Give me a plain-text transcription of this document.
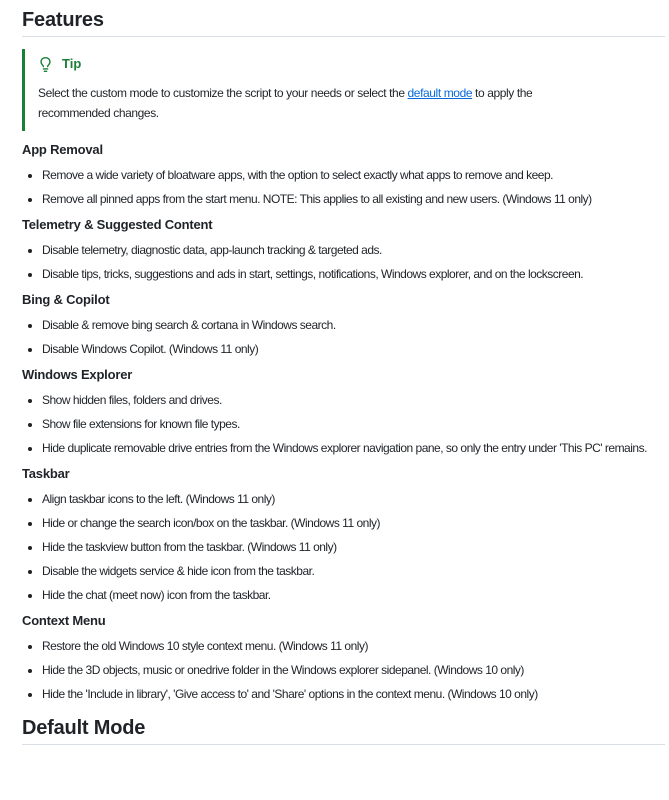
Features
Tip

Select the custom mode to customize the script to your needs or select the default mode to apply the recommended changes.

App Removal
• Remove a wide variety of bloatware apps, with the option to select exactly what apps to remove and keep.
• Remove all pinned apps from the start menu. NOTE: This applies to all existing and new users. (Windows 11 only)
Telemetry & Suggested Content
• Disable telemetry, diagnostic data, app-launch tracking & targeted ads.
• Disable tips, tricks, suggestions and ads in start, settings, notifications, Windows explorer, and on the lockscreen.
Bing & Copilot
• Disable & remove bing search & cortana in Windows search.
• Disable Windows Copilot. (Windows 11 only)
Windows Explorer
• Show hidden files, folders and drives.
• Show file extensions for known file types.
• Hide duplicate removable drive entries from the Windows explorer navigation pane, so only the entry under 'This PC' remains.
Taskbar
• Align taskbar icons to the left. (Windows 11 only)
• Hide or change the search icon/box on the taskbar. (Windows 11 only)
• Hide the taskview button from the taskbar. (Windows 11 only)
• Disable the widgets service & hide icon from the taskbar.
• Hide the chat (meet now) icon from the taskbar.
Context Menu
• Restore the old Windows 10 style context menu. (Windows 11 only)
• Hide the 3D objects, music or onedrive folder in the Windows explorer sidepanel. (Windows 10 only)
• Hide the 'Include in library', 'Give access to' and 'Share' options in the context menu. (Windows 10 only)
Default Mode
